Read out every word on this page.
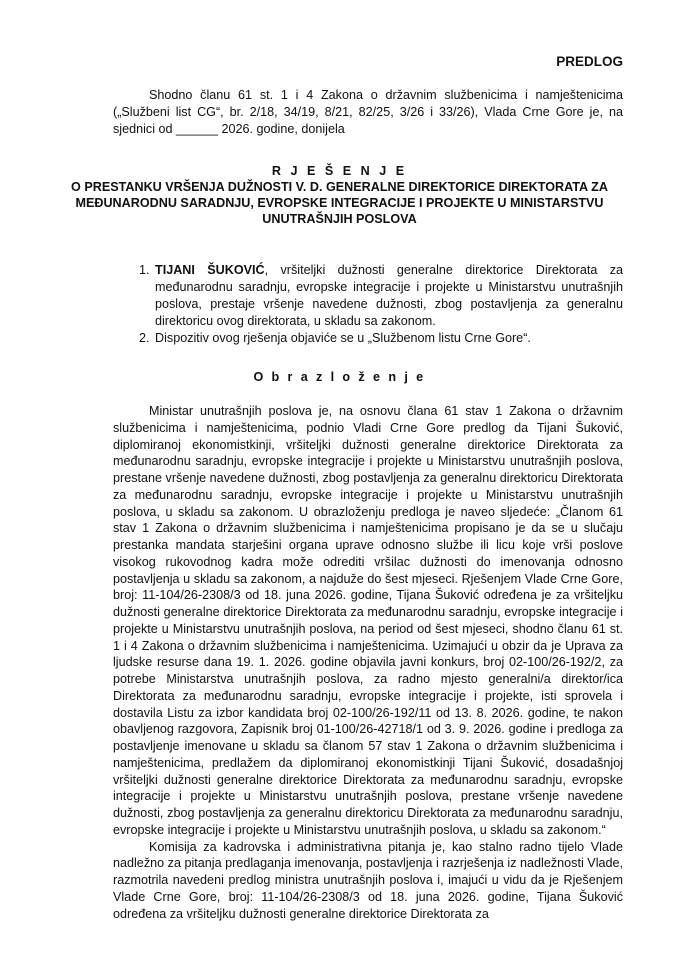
PREDLOG
Shodno članu 61 st. 1 i 4 Zakona o državnim službenicima i namještenicima („Službeni list CG“, br. 2/18, 34/19, 8/21, 82/25, 3/26 i 33/26), Vlada Crne Gore je, na sjednici od ______ 2026. godine, donijela
R J E Š E N J E
O PRESTANKU VRŠENJA DUŽNOSTI V. D. GENERALNE DIREKTORICE DIREKTORATA ZA MEĐUNARODNU SARADNJU, EVROPSKE INTEGRACIJE I PROJEKTE U MINISTARSTVU UNUTRAŠNJIH POSLOVA
1. TIJANI ŠUKOVIĆ, vršiteljki dužnosti generalne direktorice Direktorata za međunarodnu saradnju, evropske integracije i projekte u Ministarstvu unutrašnjih poslova, prestaje vršenje navedene dužnosti, zbog postavljenja za generalnu direktoricu ovog direktorata, u skladu sa zakonom.
2. Dispozitiv ovog rješenja objaviće se u „Službenom listu Crne Gore“.
O b r a z l o ž e n j e

Ministar unutrašnjih poslova je, na osnovu člana 61 stav 1 Zakona o državnim službenicima i namještenicima, podnio Vladi Crne Gore predlog da Tijani Šuković, diplomiranoj ekonomistkinji, vršiteljki dužnosti generalne direktorice Direktorata za međunarodnu saradnju, evropske integracije i projekte u Ministarstvu unutrašnjih poslova, prestane vršenje navedene dužnosti, zbog postavljenja za generalnu direktoricu Direktorata za međunarodnu saradnju, evropske integracije i projekte u Ministarstvu unutrašnjih poslova, u skladu sa zakonom. U obrazloženju predloga je naveo sljedeće: „Članom 61 stav 1 Zakona o državnim službenicima i namještenicima propisano je da se u slučaju prestanka mandata starješini organa uprave odnosno službe ili licu koje vrši poslove visokog rukovodnog kadra može odrediti vršilac dužnosti do imenovanja odnosno postavljenja u skladu sa zakonom, a najduže do šest mjeseci. Rješenjem Vlade Crne Gore, broj: 11-104/26-2308/3 od 18. juna 2026. godine, Tijana Šuković određena je za vršiteljku dužnosti generalne direktorice Direktorata za međunarodnu saradnju, evropske integracije i projekte u Ministarstvu unutrašnjih poslova, na period od šest mjeseci, shodno članu 61 st. 1 i 4 Zakona o državnim službenicima i namještenicima. Uzimajući u obzir da je Uprava za ljudske resurse dana 19. 1. 2026. godine objavila javni konkurs, broj 02-100/26-192/2, za potrebe Ministarstva unutrašnjih poslova, za radno mjesto generalni/a direktor/ica Direktorata za međunarodnu saradnju, evropske integracije i projekte, isti sprovela i dostavila Listu za izbor kandidata broj 02-100/26-192/11 od 13. 8. 2026. godine, te nakon obavljenog razgovora, Zapisnik broj 01-100/26-42718/1 od 3. 9. 2026. godine i predloga za postavljenje imenovane u skladu sa članom 57 stav 1 Zakona o državnim službenicima i namještenicima, predlažem da diplomiranoj ekonomistkinji Tijani Šuković, dosadašnjoj vršiteljki dužnosti generalne direktorice Direktorata za međunarodnu saradnju, evropske integracije i projekte u Ministarstvu unutrašnjih poslova, prestane vršenje navedene dužnosti, zbog postavljenja za generalnu direktoricu Direktorata za međunarodnu saradnju, evropske integracije i projekte u Ministarstvu unutrašnjih poslova, u skladu sa zakonom.“

Komisija za kadrovska i administrativna pitanja je, kao stalno radno tijelo Vlade nadležno za pitanja predlaganja imenovanja, postavljenja i razrješenja iz nadležnosti Vlade, razmotrila navedeni predlog ministra unutrašnjih poslova i, imajući u vidu da je Rješenjem Vlade Crne Gore, broj: 11-104/26-2308/3 od 18. juna 2026. godine, Tijana Šuković određena za vršiteljku dužnosti generalne direktorice Direktorata za
